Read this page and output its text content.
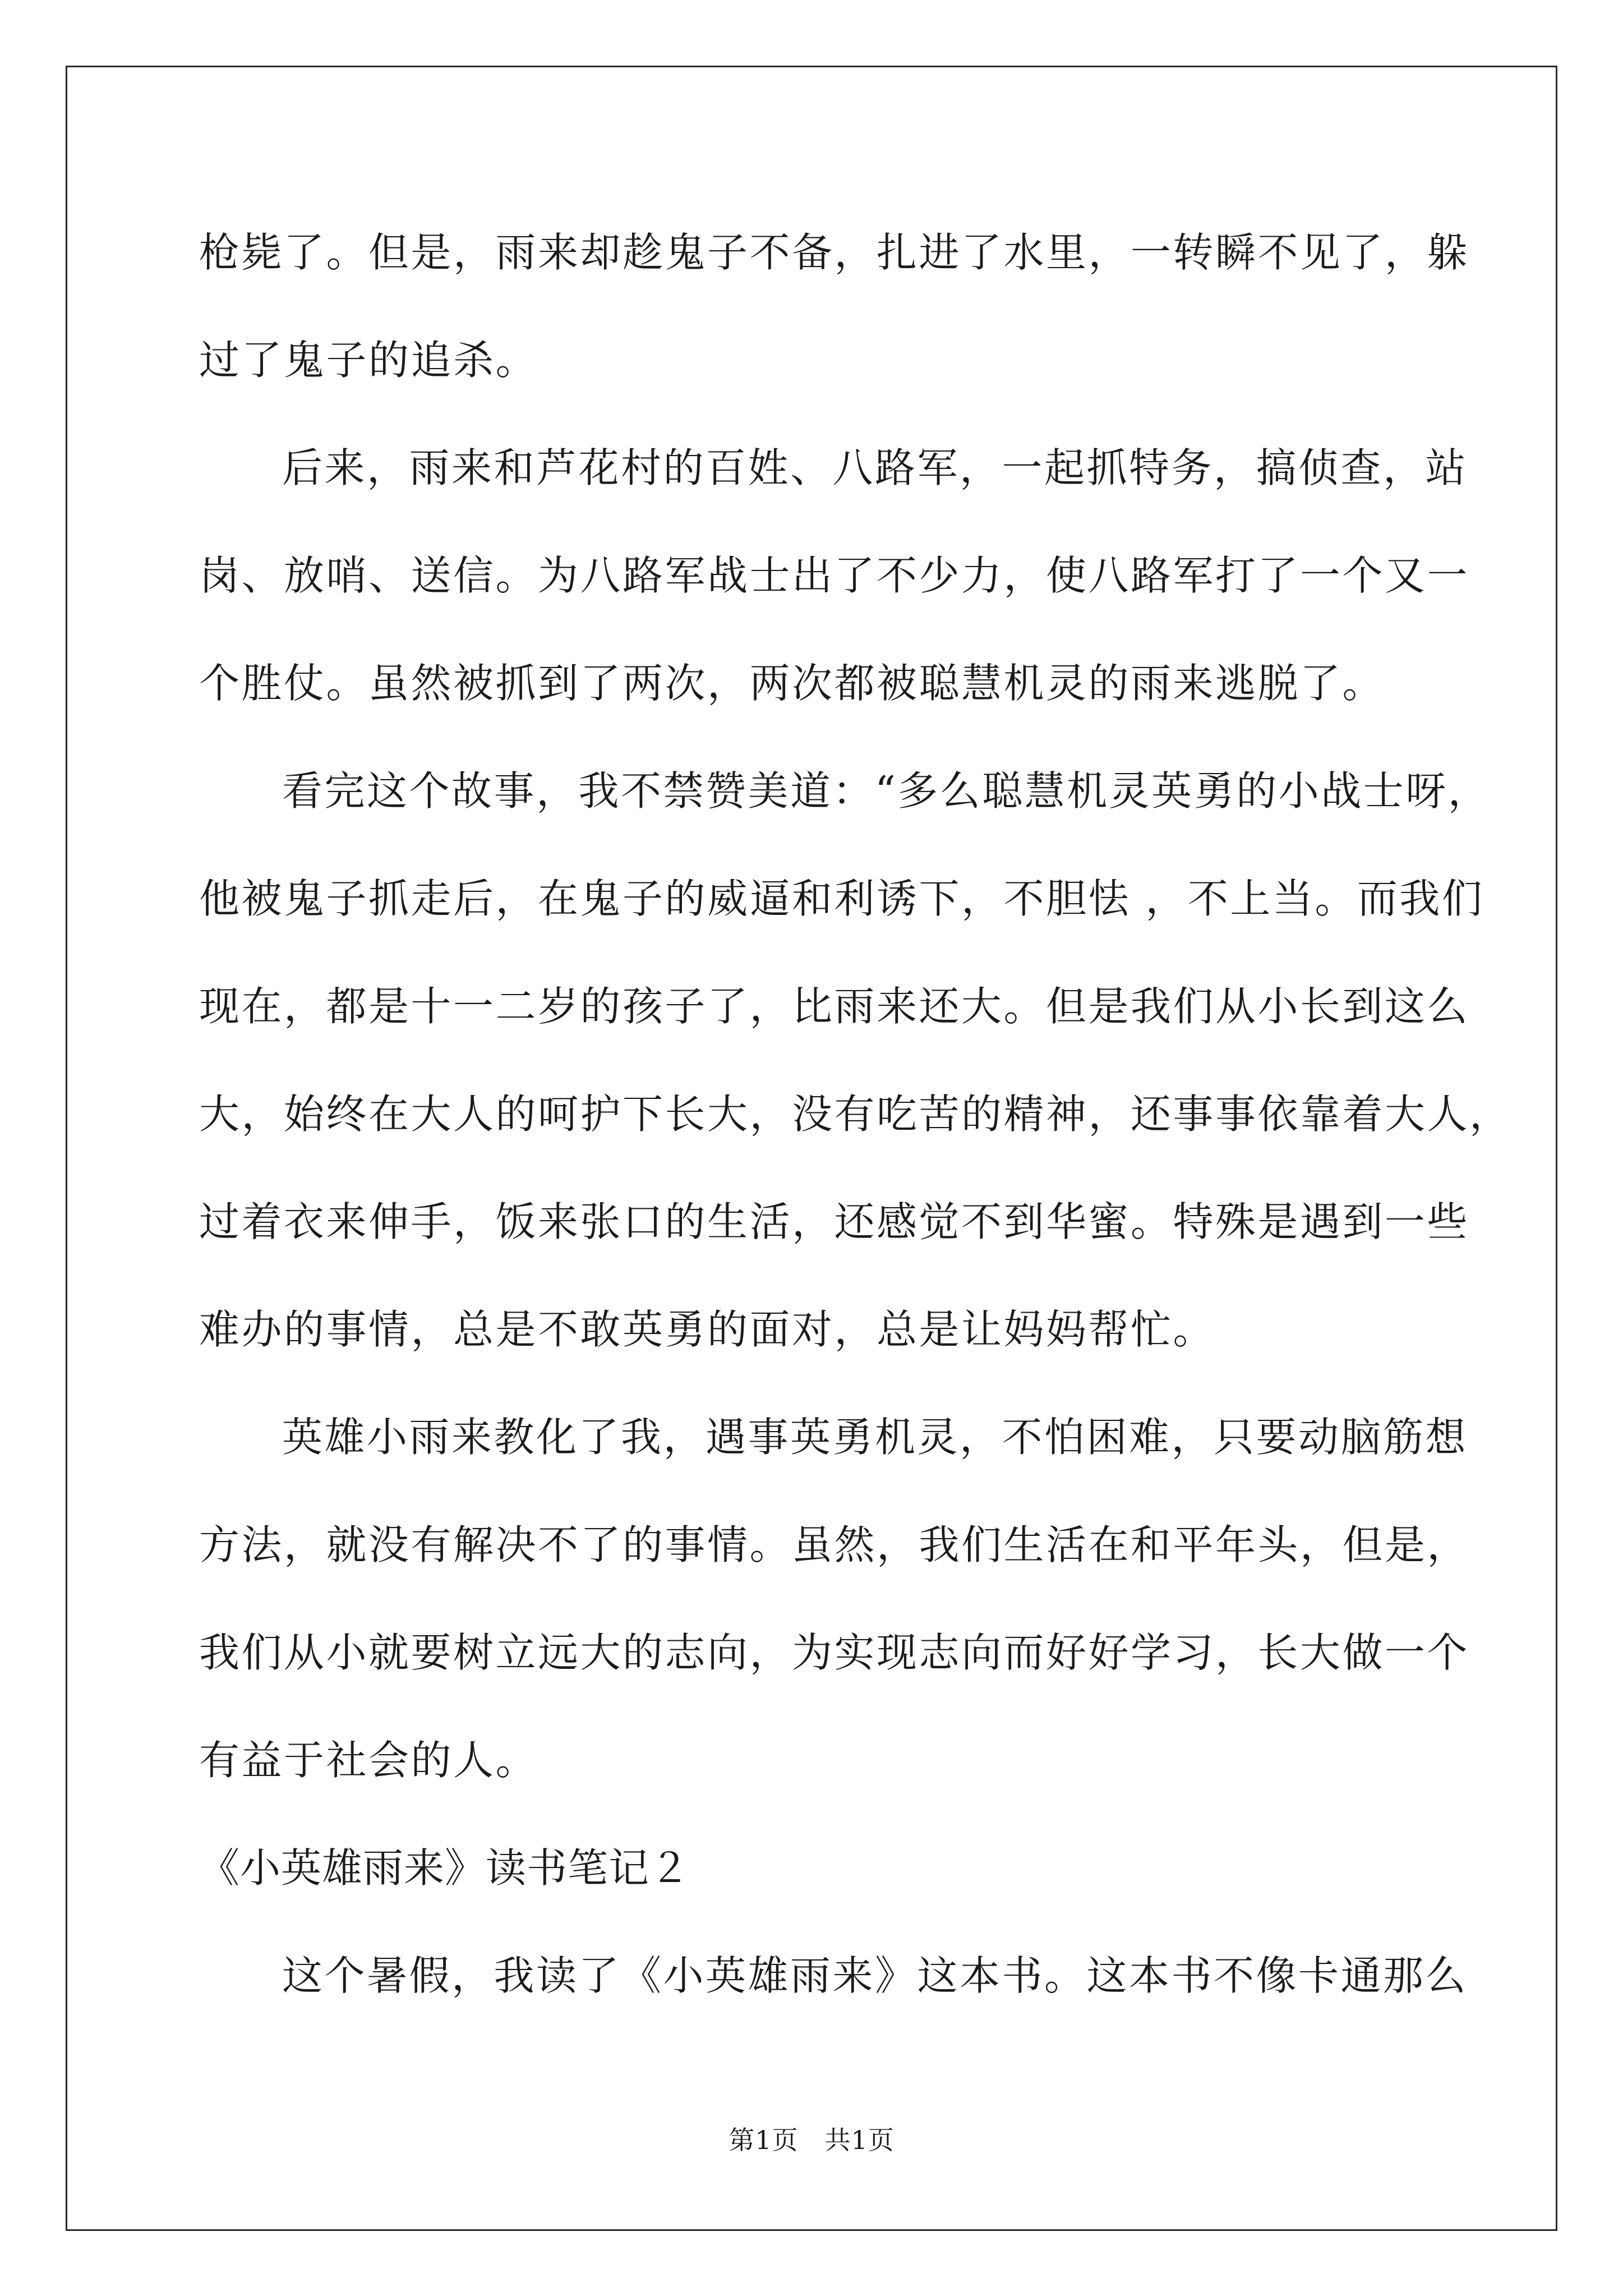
枪毙了。但是，雨来却趁鬼子不备，扎进了水里，一转瞬不见了，躲
过了鬼子的追杀。
后来，雨来和芦花村的百姓、八路军，一起抓特务，搞侦查，站
岗、放哨、送信。为八路军战士出了不少力，使八路军打了一个又一
个胜仗。虽然被抓到了两次，两次都被聪慧机灵的雨来逃脱了。
看完这个故事，我不禁赞美道：“多么聪慧机灵英勇的小战士呀，
他被鬼子抓走后，在鬼子的威逼和利诱下，不胆怯 ，不上当。而我们
现在，都是十一二岁的孩子了，比雨来还大。但是我们从小长到这么
大，始终在大人的呵护下长大，没有吃苦的精神，还事事依靠着大人，
过着衣来伸手，饭来张口的生活，还感觉不到华蜜。特殊是遇到一些
难办的事情，总是不敢英勇的面对，总是让妈妈帮忙。
英雄小雨来教化了我，遇事英勇机灵，不怕困难，只要动脑筋想
方法，就没有解决不了的事情。虽然，我们生活在和平年头，但是，
我们从小就要树立远大的志向，为实现志向而好好学习，长大做一个
有益于社会的人。
《小英雄雨来》读书笔记２
这个暑假，我读了《小英雄雨来》这本书。这本书不像卡通那么
第1页　共1页
